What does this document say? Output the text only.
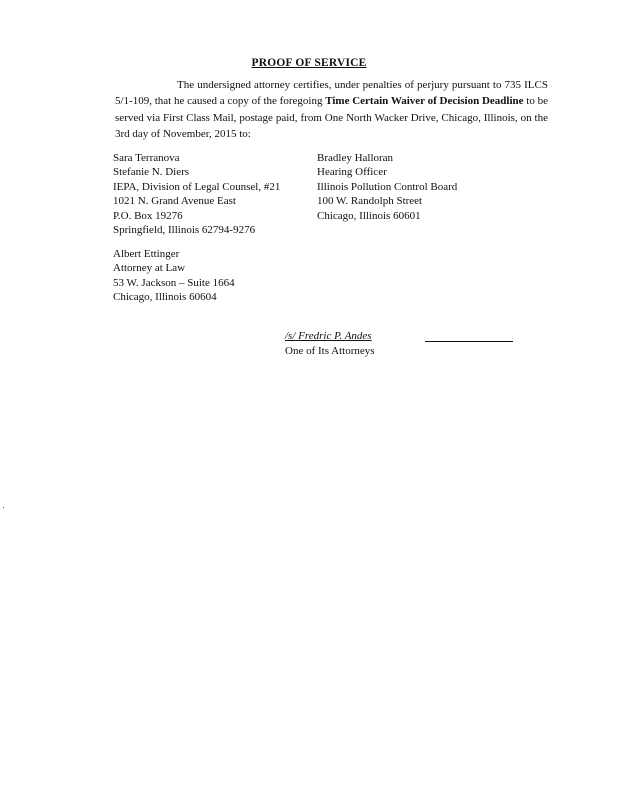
PROOF OF SERVICE
The undersigned attorney certifies, under penalties of perjury pursuant to 735 ILCS 5/1-109, that he caused a copy of the foregoing Time Certain Waiver of Decision Deadline to be served via First Class Mail, postage paid, from One North Wacker Drive, Chicago, Illinois, on the 3rd day of November, 2015 to:
Sara Terranova
Stefanie N. Diers
IEPA, Division of Legal Counsel, #21
1021 N. Grand Avenue East
P.O. Box 19276
Springfield, Illinois 62794-9276
Bradley Halloran
Hearing Officer
Illinois Pollution Control Board
100 W. Randolph Street
Chicago, Illinois 60601
Albert Ettinger
Attorney at Law
53 W. Jackson – Suite 1664
Chicago, Illinois 60604
/s/ Fredric P. Andes
One of Its Attorneys
